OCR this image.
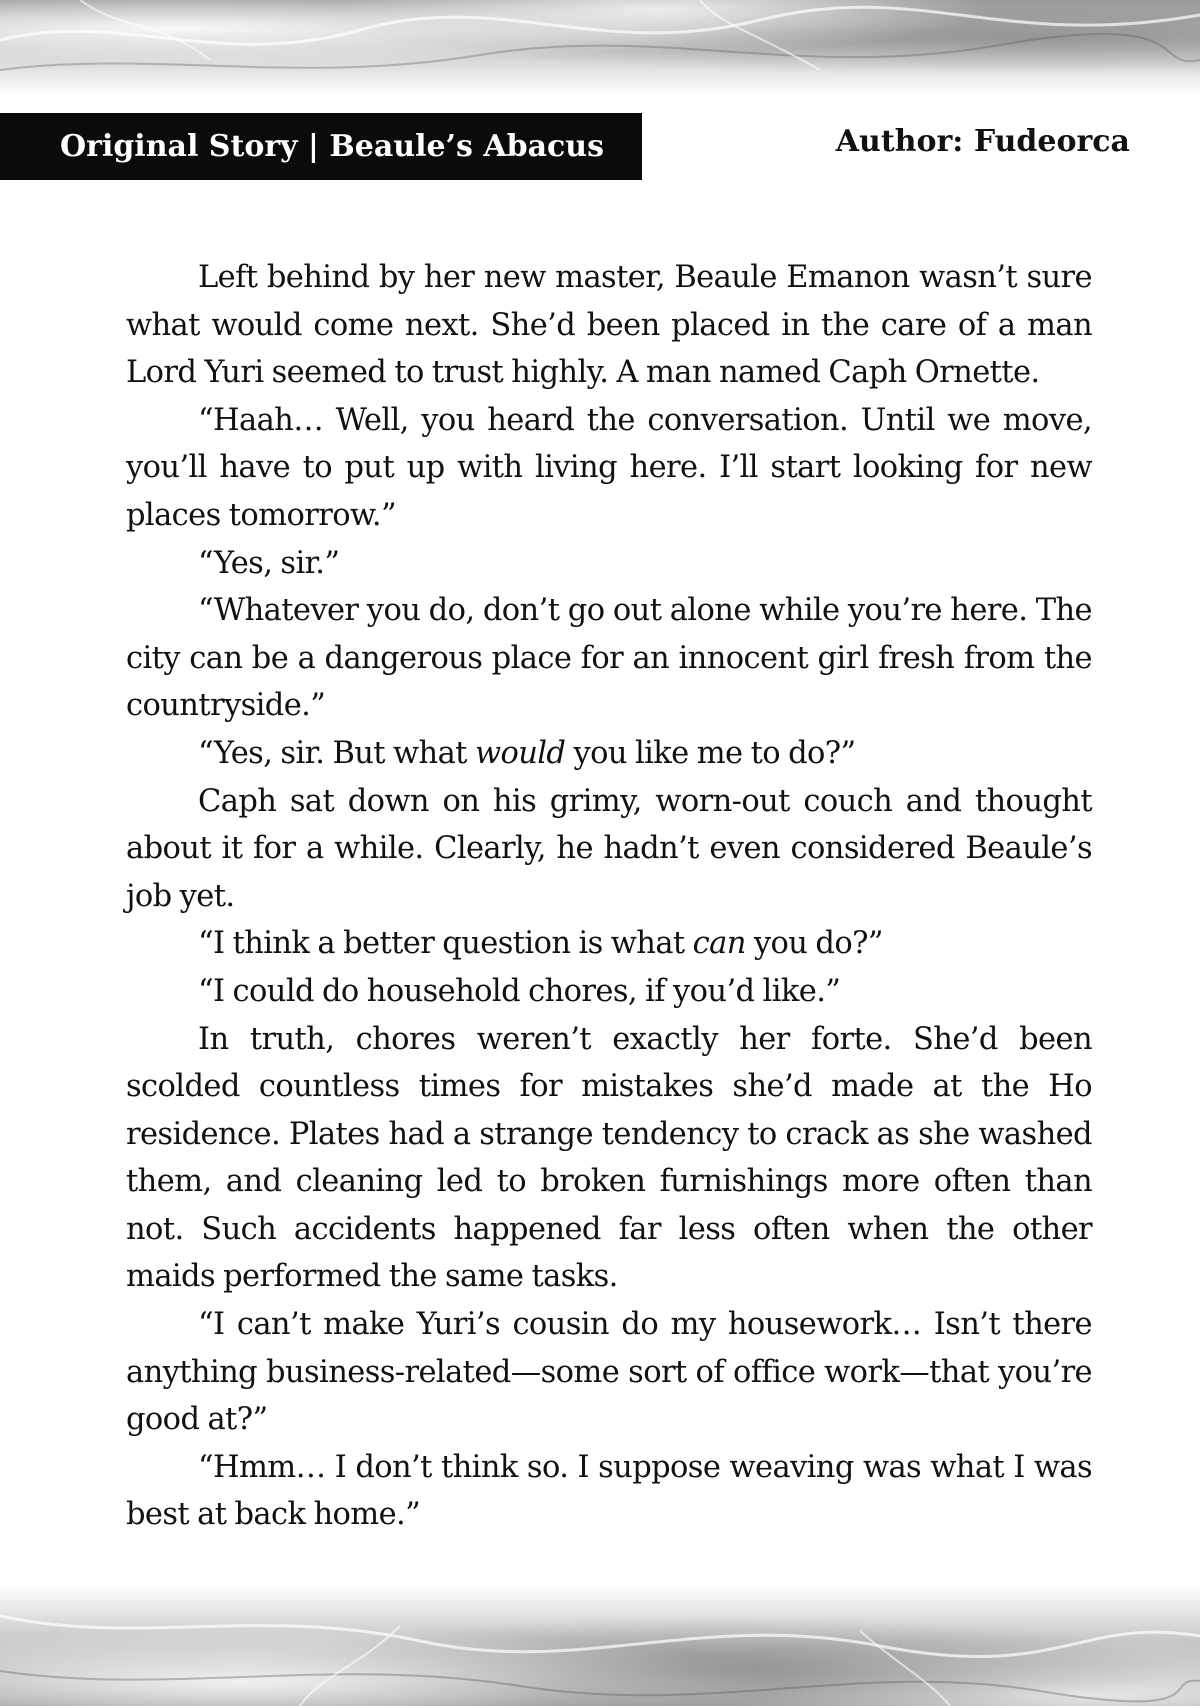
Original Story | Beaule’s Abacus	Author: Fudeorca

Left behind by her new master, Beaule Emanon wasn’t sure what would come next. She’d been placed in the care of a man Lord Yuri seemed to trust highly. A man named Caph Ornette.

“Haah… Well, you heard the conversation. Until we move, you’ll have to put up with living here. I’ll start looking for new places tomorrow.”

“Yes, sir.”

“Whatever you do, don’t go out alone while you’re here. The city can be a dangerous place for an innocent girl fresh from the countryside.”

“Yes, sir. But what would you like me to do?”

Caph sat down on his grimy, worn-out couch and thought about it for a while. Clearly, he hadn’t even considered Beaule’s job yet.

“I think a better question is what can you do?”

“I could do household chores, if you’d like.”

In truth, chores weren’t exactly her forte. She’d been scolded countless times for mistakes she’d made at the Ho residence. Plates had a strange tendency to crack as she washed them, and cleaning led to broken furnishings more often than not. Such accidents happened far less often when the other maids performed the same tasks.

“I can’t make Yuri’s cousin do my housework… Isn’t there anything business-related—some sort of office work—that you’re good at?”

“Hmm… I don’t think so. I suppose weaving was what I was best at back home.”
